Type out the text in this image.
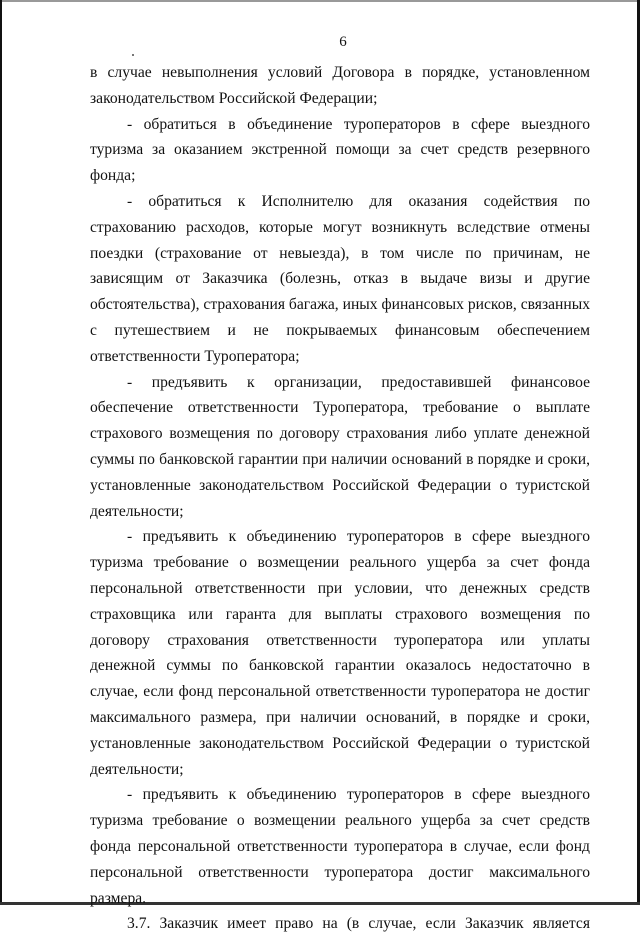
6

в случае невыполнения условий Договора в порядке, установленном законодательством Российской Федерации;

- обратиться в объединение туроператоров в сфере выездного туризма за оказанием экстренной помощи за счет средств резервного фонда;

- обратиться к Исполнителю для оказания содействия по страхованию расходов, которые могут возникнуть вследствие отмены поездки (страхование от невыезда), в том числе по причинам, не зависящим от Заказчика (болезнь, отказ в выдаче визы и другие обстоятельства), страхования багажа, иных финансовых рисков, связанных с путешествием и не покрываемых финансовым обеспечением ответственности Туроператора;

- предъявить к организации, предоставившей финансовое обеспечение ответственности Туроператора, требование о выплате страхового возмещения по договору страхования либо уплате денежной суммы по банковской гарантии при наличии оснований в порядке и сроки, установленные законодательством Российской Федерации о туристской деятельности;

- предъявить к объединению туроператоров в сфере выездного туризма требование о возмещении реального ущерба за счет фонда персональной ответственности при условии, что денежных средств страховщика или гаранта для выплаты страхового возмещения по договору страхования ответственности туроператора или уплаты денежной суммы по банковской гарантии оказалось недостаточно в случае, если фонд персональной ответственности туроператора не достиг максимального размера, при наличии оснований, в порядке и сроки, установленные законодательством Российской Федерации о туристской деятельности;

- предъявить к объединению туроператоров в сфере выездного туризма требование о возмещении реального ущерба за счет средств фонда персональной ответственности туроператора в случае, если фонд персональной ответственности туроператора достиг максимального размера.

3.7. Заказчик имеет право на (в случае, если Заказчик является
